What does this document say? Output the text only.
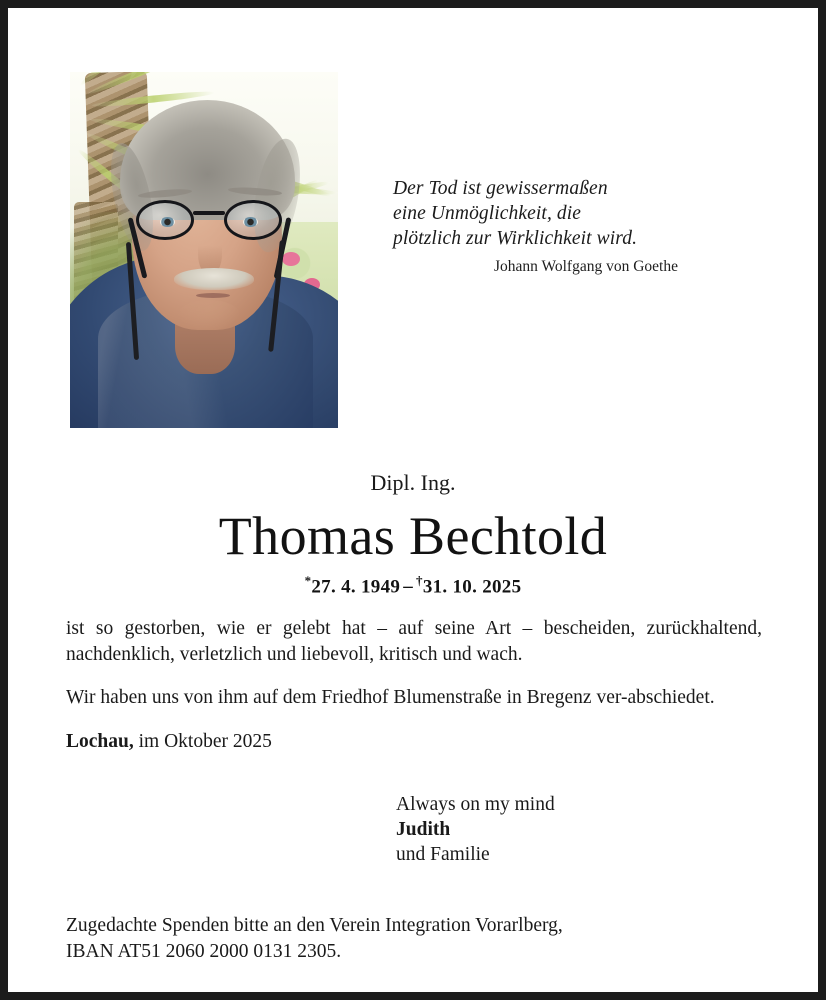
Der Tod ist gewissermaßen
eine Unmöglichkeit, die
plötzlich zur Wirklichkeit wird.
Johann Wolfgang von Goethe
Dipl. Ing.
Thomas Bechtold
*27. 4. 1949 – †31. 10. 2025

ist so gestorben, wie er gelebt hat – auf seine Art – bescheiden, zurückhaltend, nachdenklich, verletzlich und liebevoll, kritisch und wach.

Wir haben uns von ihm auf dem Friedhof Blumenstraße in Bregenz ver-abschiedet.

Lochau, im Oktober 2025

Always on my mind
Judith
und Familie
Zugedachte Spenden bitte an den Verein Integration Vorarlberg,
IBAN AT51 2060 2000 0131 2305.
